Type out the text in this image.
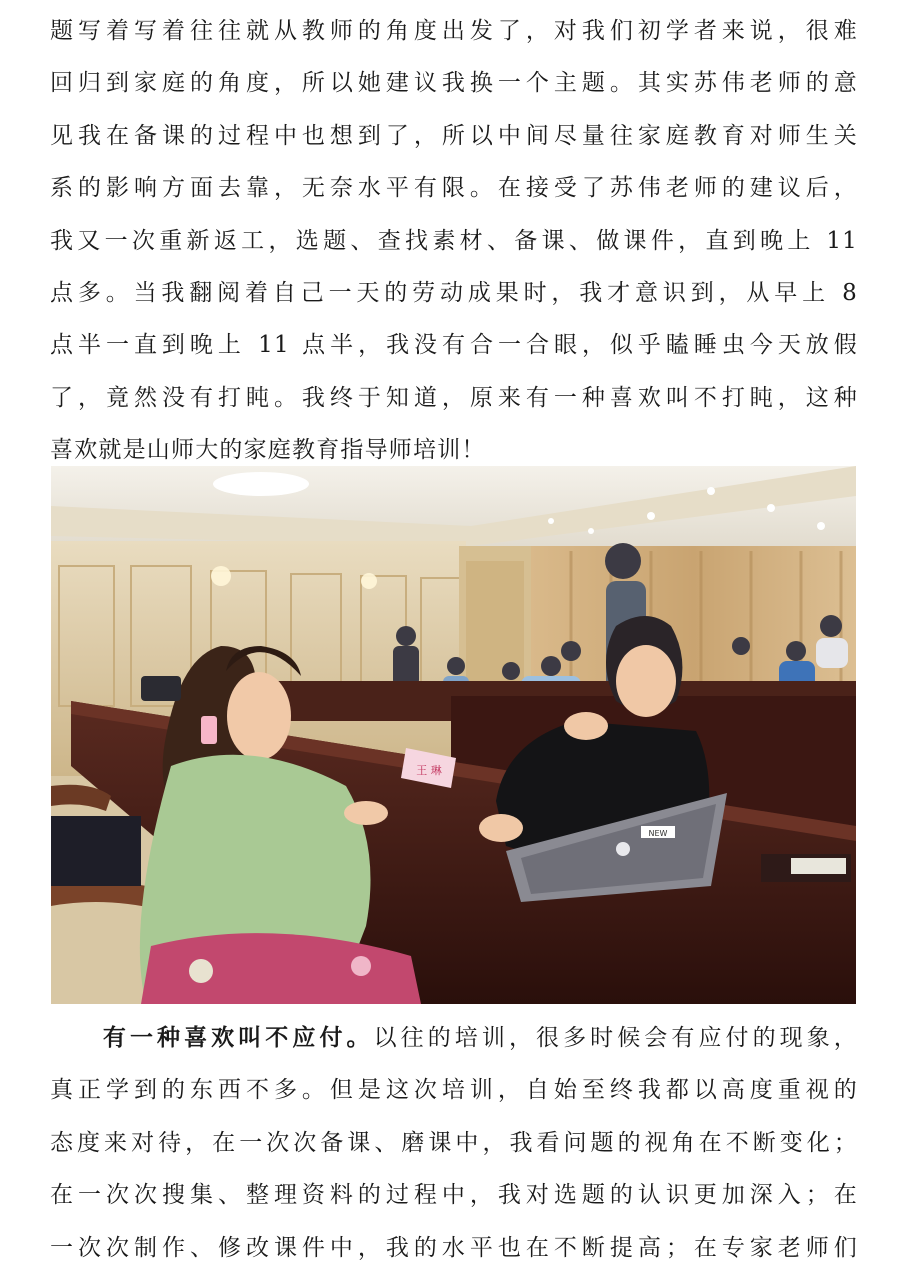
题写着写着往往就从教师的角度出发了，对我们初学者来说，很难
回归到家庭的角度，所以她建议我换一个主题。其实苏伟老师的意
见我在备课的过程中也想到了，所以中间尽量往家庭教育对师生关
系的影响方面去靠，无奈水平有限。在接受了苏伟老师的建议后，
我又一次重新返工，选题、查找素材、备课、做课件，直到晚上 11
点多。当我翻阅着自己一天的劳动成果时，我才意识到，从早上 8
点半一直到晚上 11 点半，我没有合一合眼，似乎瞌睡虫今天放假
了，竟然没有打盹。我终于知道，原来有一种喜欢叫不打盹，这种
喜欢就是山师大的家庭教育指导师培训！
NEW
王 琳
有一种喜欢叫不应付。以往的培训，很多时候会有应付的现象，
真正学到的东西不多。但是这次培训，自始至终我都以高度重视的
态度来对待，在一次次备课、磨课中，我看问题的视角在不断变化；
在一次次搜集、整理资料的过程中，我对选题的认识更加深入；在
一次次制作、修改课件中，我的水平也在不断提高；在专家老师们
